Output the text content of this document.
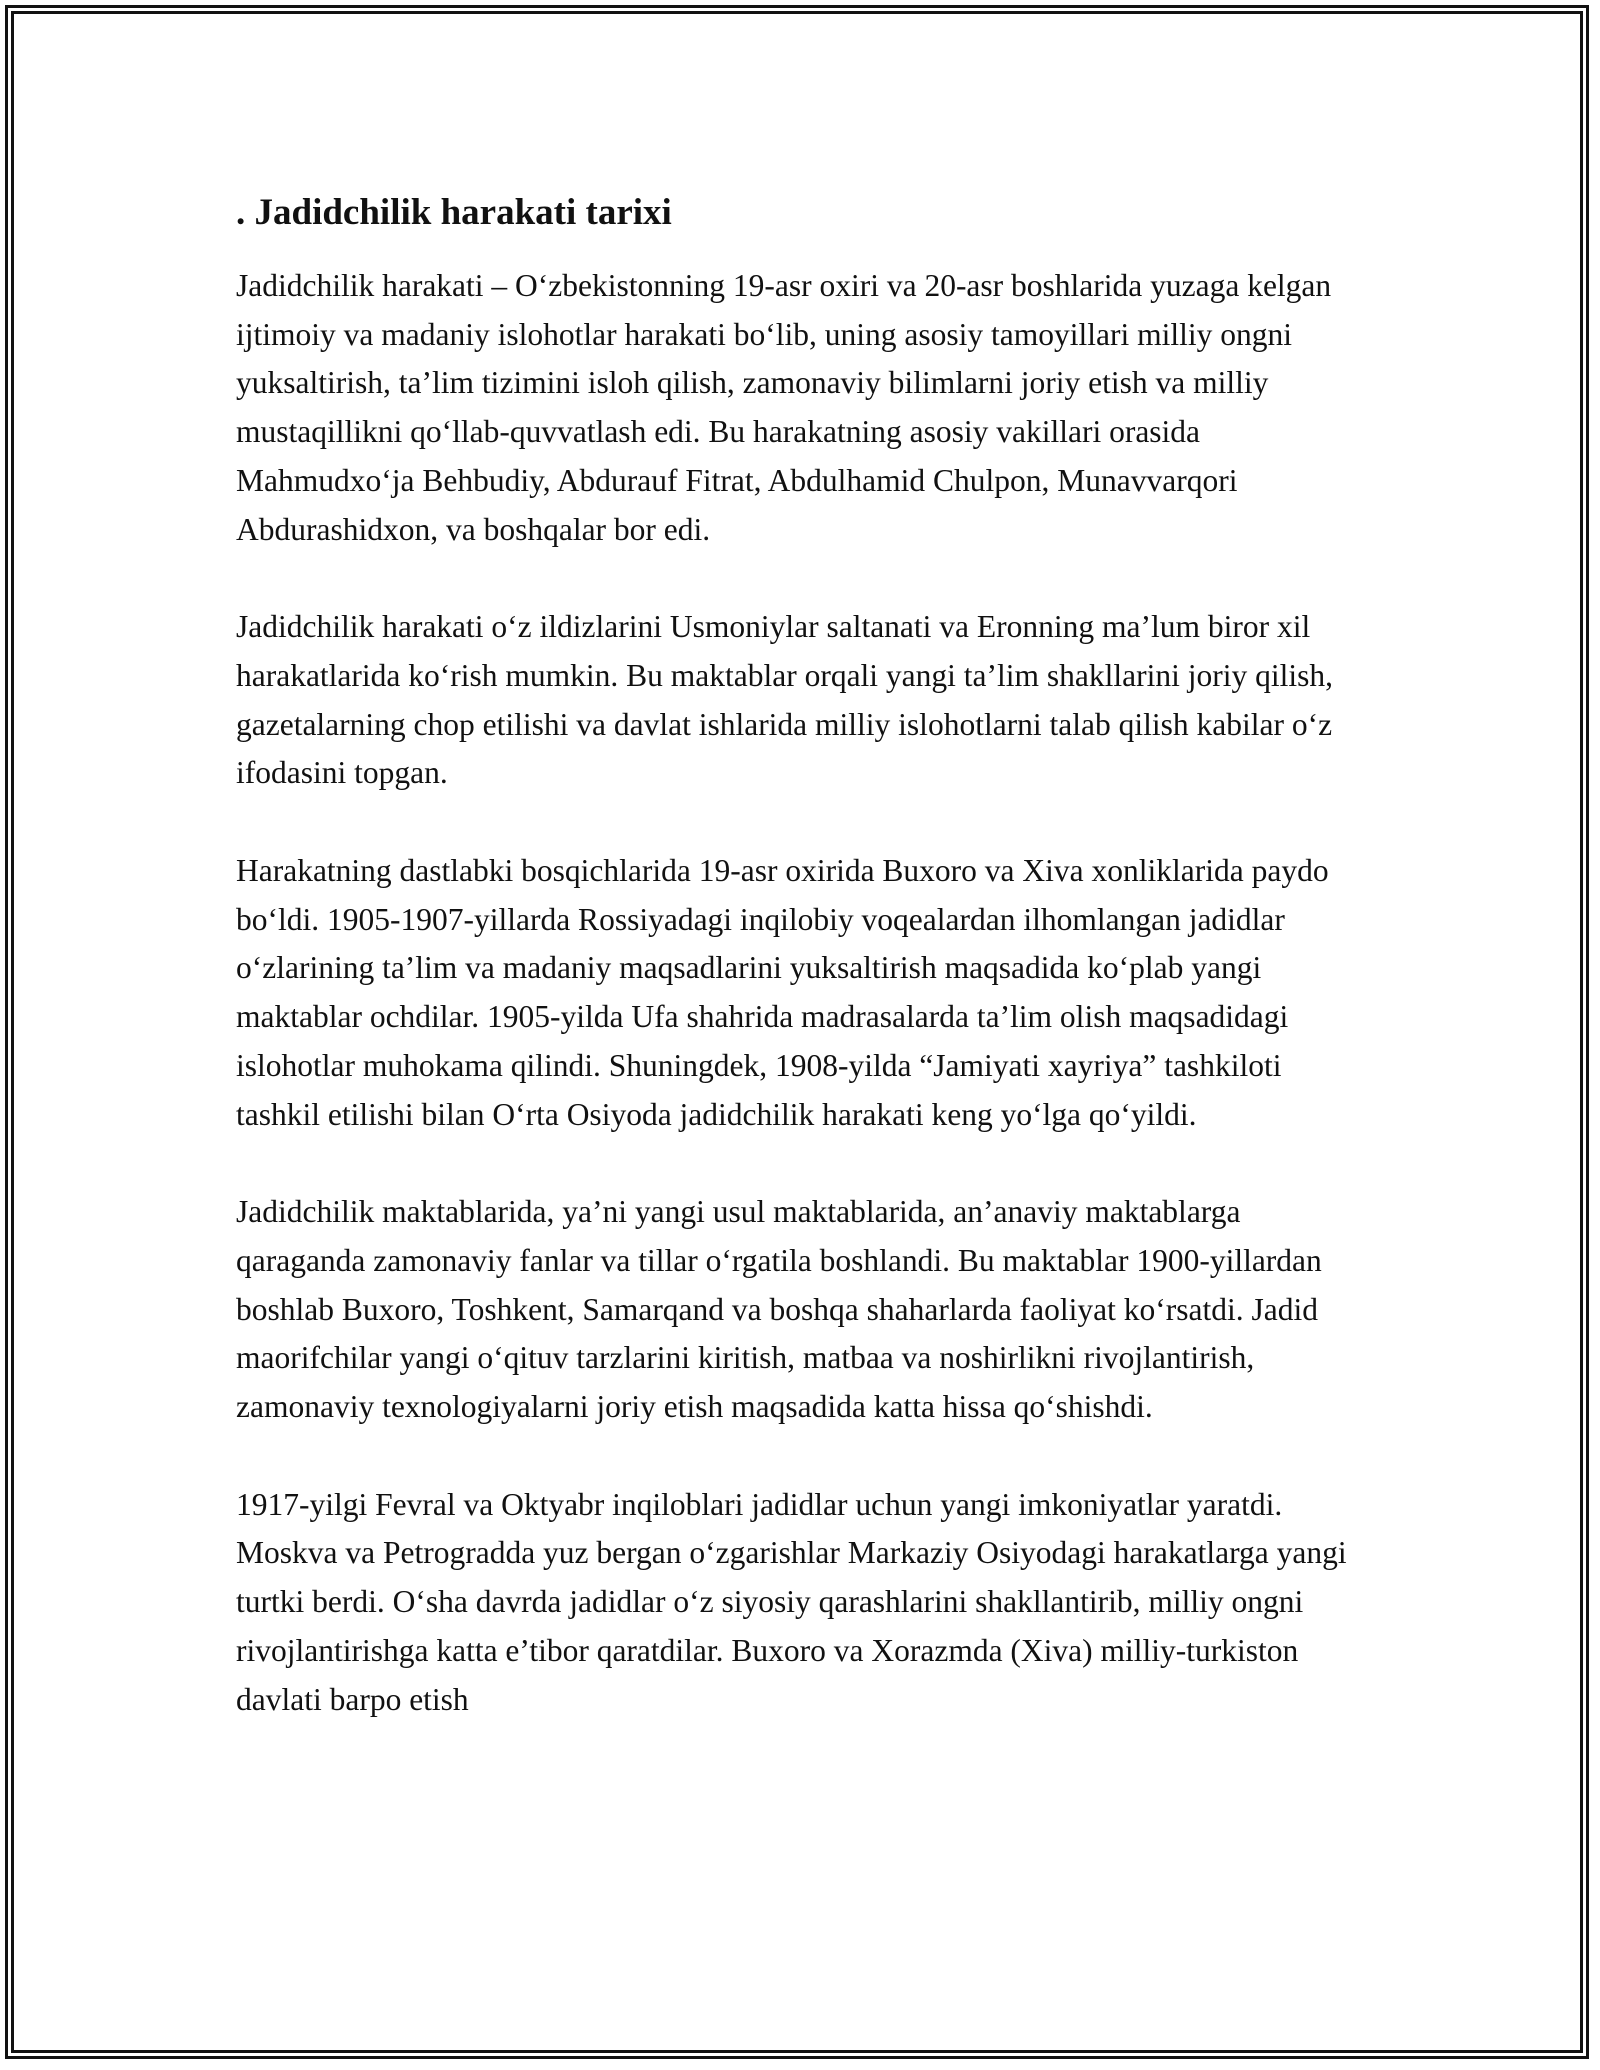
. Jadidchilik harakati tarixi

Jadidchilik harakati – O‘zbekistonning 19-asr oxiri va 20-asr boshlarida yuzaga kelgan ijtimoiy va madaniy islohotlar harakati bo‘lib, uning asosiy tamoyillari milliy ongni yuksaltirish, ta’lim tizimini isloh qilish, zamonaviy bilimlarni joriy etish va milliy mustaqillikni qo‘llab-quvvatlash edi. Bu harakatning asosiy vakillari orasida Mahmudxo‘ja Behbudiy, Abdurauf Fitrat, Abdulhamid Chulpon, Munavvarqori Abdurashidxon, va boshqalar bor edi.

Jadidchilik harakati o‘z ildizlarini Usmoniylar saltanati va Eronning ma’lum biror xil harakatlarida ko‘rish mumkin. Bu maktablar orqali yangi ta’lim shakllarini joriy qilish, gazetalarning chop etilishi va davlat ishlarida milliy islohotlarni talab qilish kabilar o‘z ifodasini topgan.

Harakatning dastlabki bosqichlarida 19-asr oxirida Buxoro va Xiva xonliklarida paydo bo‘ldi. 1905-1907-yillarda Rossiyadagi inqilobiy voqealardan ilhomlangan jadidlar o‘zlarining ta’lim va madaniy maqsadlarini yuksaltirish maqsadida ko‘plab yangi maktablar ochdilar. 1905-yilda Ufa shahrida madrasalarda ta’lim olish maqsadidagi islohotlar muhokama qilindi. Shuningdek, 1908-yilda “Jamiyati xayriya” tashkiloti tashkil etilishi bilan O‘rta Osiyoda jadidchilik harakati keng yo‘lga qo‘yildi.

Jadidchilik maktablarida, ya’ni yangi usul maktablarida, an’anaviy maktablarga qaraganda zamonaviy fanlar va tillar o‘rgatila boshlandi. Bu maktablar 1900-yillardan boshlab Buxoro, Toshkent, Samarqand va boshqa shaharlarda faoliyat ko‘rsatdi. Jadid maorifchilar yangi o‘qituv tarzlarini kiritish, matbaa va noshirlikni rivojlantirish, zamonaviy texnologiyalarni joriy etish maqsadida katta hissa qo‘shishdi.

1917-yilgi Fevral va Oktyabr inqiloblari jadidlar uchun yangi imkoniyatlar yaratdi. Moskva va Petrogradda yuz bergan o‘zgarishlar Markaziy Osiyodagi harakatlarga yangi turtki berdi. O‘sha davrda jadidlar o‘z siyosiy qarashlarini shakllantirib, milliy ongni rivojlantirishga katta e’tibor qaratdilar. Buxoro va Xorazmda (Xiva) milliy-turkiston davlati barpo etish
